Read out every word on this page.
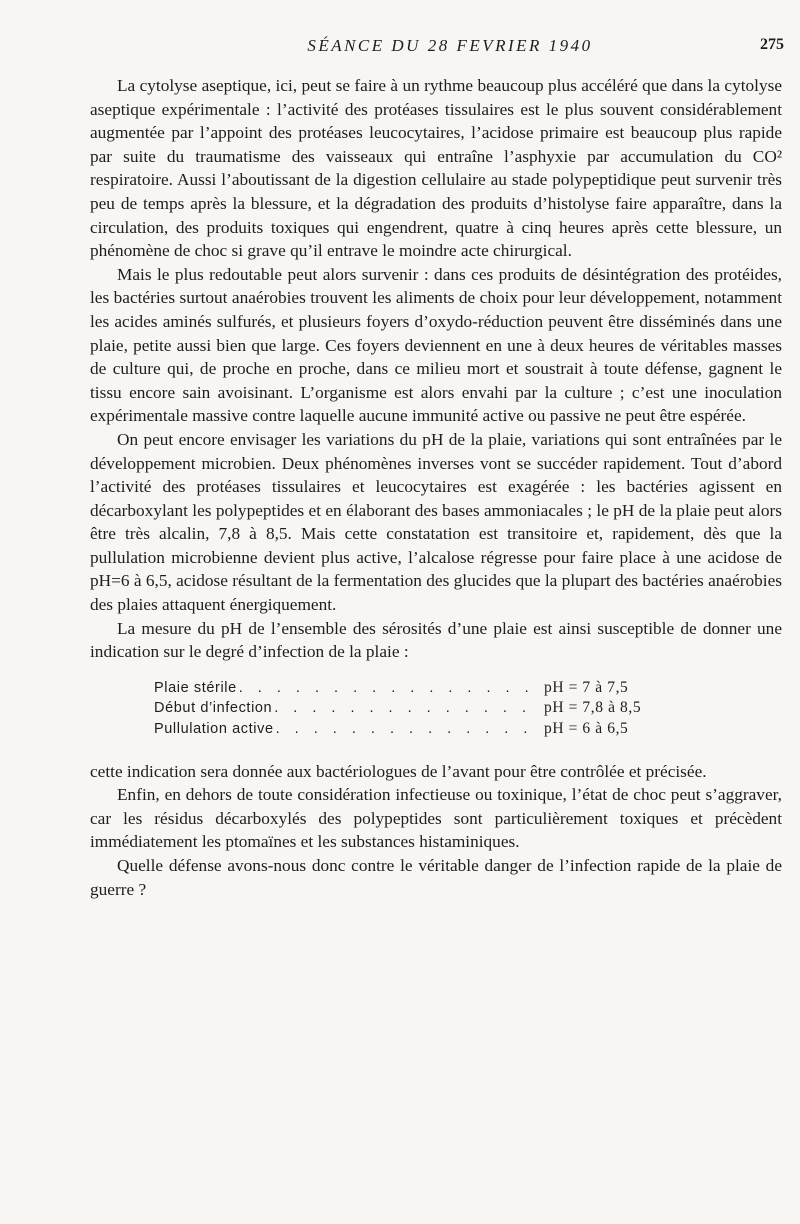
SÉANCE DU 28 FEVRIER 1940	275

La cytolyse aseptique, ici, peut se faire à un rythme beaucoup plus accéléré que dans la cytolyse aseptique expérimentale : l’activité des protéases tissulaires est le plus souvent considérablement augmentée par l’appoint des protéases leucocytaires, l’acidose primaire est beaucoup plus rapide par suite du traumatisme des vaisseaux qui entraîne l’asphyxie par accumulation du CO² respiratoire. Aussi l’aboutissant de la digestion cellulaire au stade polypeptidique peut survenir très peu de temps après la blessure, et la dégradation des produits d’histolyse faire apparaître, dans la circulation, des produits toxiques qui engendrent, quatre à cinq heures après cette blessure, un phénomène de choc si grave qu’il entrave le moindre acte chirurgical.

Mais le plus redoutable peut alors survenir : dans ces produits de désintégration des protéides, les bactéries surtout anaérobies trouvent les aliments de choix pour leur développement, notamment les acides aminés sulfurés, et plusieurs foyers d’oxydo-réduction peuvent être disséminés dans une plaie, petite aussi bien que large. Ces foyers deviennent en une à deux heures de véritables masses de culture qui, de proche en proche, dans ce milieu mort et soustrait à toute défense, gagnent le tissu encore sain avoisinant. L’organisme est alors envahi par la culture ; c’est une inoculation expérimentale massive contre laquelle aucune immunité active ou passive ne peut être espérée.

On peut encore envisager les variations du pH de la plaie, variations qui sont entraînées par le développement microbien. Deux phénomènes inverses vont se succéder rapidement. Tout d’abord l’activité des protéases tissulaires et leucocytaires est exagérée : les bactéries agissent en décarboxylant les polypeptides et en élaborant des bases ammoniacales ; le pH de la plaie peut alors être très alcalin, 7,8 à 8,5. Mais cette constatation est transitoire et, rapidement, dès que la pullulation microbienne devient plus active, l’alcalose régresse pour faire place à une acidose de pH=6 à 6,5, acidose résultant de la fermentation des glucides que la plupart des bactéries anaérobies des plaies attaquent énergiquement.

La mesure du pH de l’ensemble des sérosités d’une plaie est ainsi susceptible de donner une indication sur le degré d’infection de la plaie :

Plaie stérile . . .	pH = 7 à 7,5
Début d’infection . . .	pH = 7,8 à 8,5
Pullulation active . . .	pH = 6 à 6,5

cette indication sera donnée aux bactériologues de l’avant pour être contrôlée et précisée.

Enfin, en dehors de toute considération infectieuse ou toxinique, l’état de choc peut s’aggraver, car les résidus décarboxylés des polypeptides sont particulièrement toxiques et précèdent immédiatement les ptomaïnes et les substances histaminiques.

Quelle défense avons-nous donc contre le véritable danger de l’infection rapide de la plaie de guerre ?
